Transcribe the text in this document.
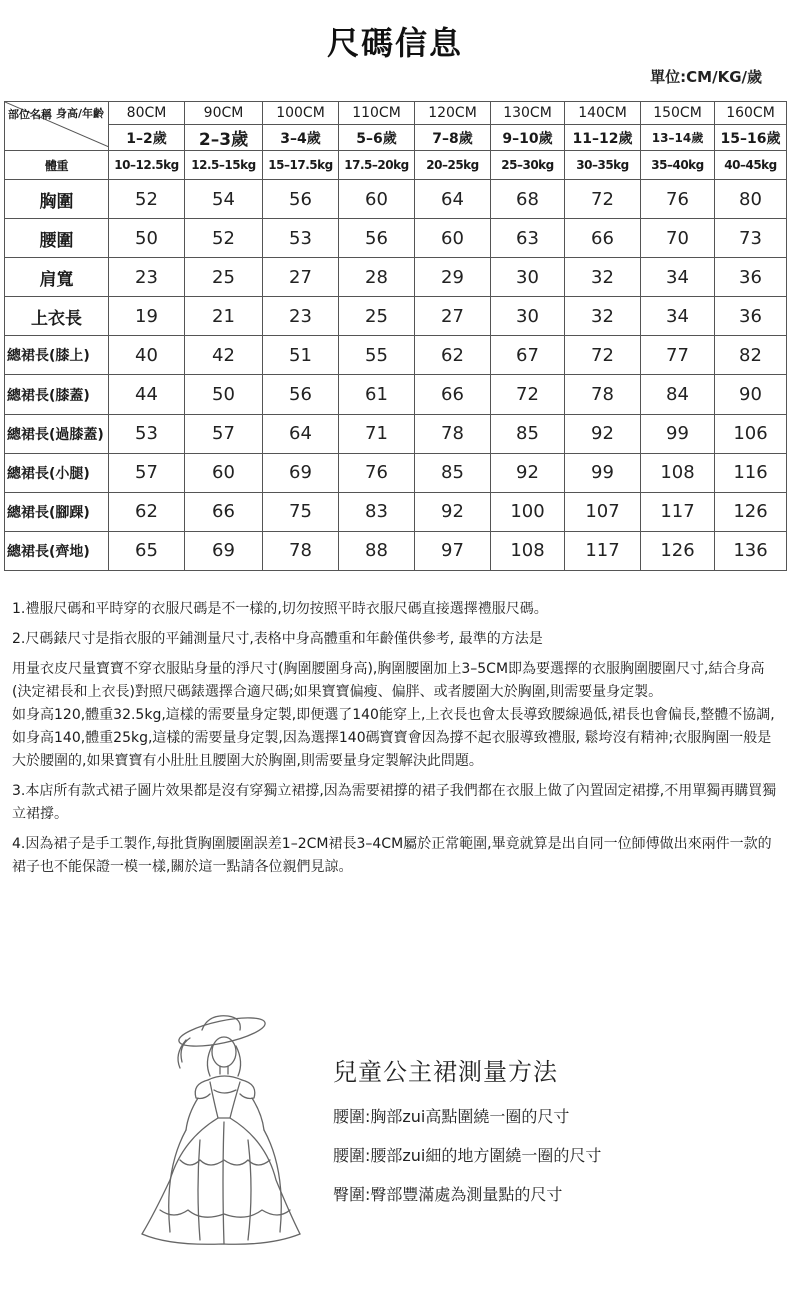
尺碼信息
單位:CM/KG/歲
身高/年齡
部位名稱	80CM	90CM	100CM	110CM	120CM	130CM	140CM	150CM	160CM
	1–2歲	2–3歲	3–4歲	5–6歲	7–8歲	9–10歲	11–12歲	13–14歲	15–16歲
體重	10–12.5kg	12.5–15kg	15–17.5kg	17.5–20kg	20–25kg	25–30kg	30–35kg	35–40kg	40–45kg
胸圍	52	54	56	60	64	68	72	76	80
腰圍	50	52	53	56	60	63	66	70	73
肩寬	23	25	27	28	29	30	32	34	36
上衣長	19	21	23	25	27	30	32	34	36
總裙長(膝上)	40	42	51	55	62	67	72	77	82
總裙長(膝蓋)	44	50	56	61	66	72	78	84	90
總裙長(過膝蓋)	53	57	64	71	78	85	92	99	106
總裙長(小腿)	57	60	69	76	85	92	99	108	116
總裙長(腳踝)	62	66	75	83	92	100	107	117	126
總裙長(齊地)	65	69	78	88	97	108	117	126	136

1.禮服尺碼和平時穿的衣服尺碼是不一樣的,切勿按照平時衣服尺碼直接選擇禮服尺碼。

2.尺碼錶尺寸是指衣服的平鋪測量尺寸,表格中身高體重和年齡僅供參考, 最準的方法是

用量衣皮尺量寶寶不穿衣服貼身量的淨尺寸(胸圍腰圍身高),胸圍腰圍加上3–5CM即為要選擇的衣服胸圍腰圍尺寸,結合身高(決定裙長和上衣長)對照尺碼錶選擇合適尺碼;如果寶寶偏瘦、偏胖、或者腰圍大於胸圍,則需要量身定製。

如身高120,體重32.5kg,這樣的需要量身定製,即便選了140能穿上,上衣長也會太長導致腰線過低,裙長也會偏長,整體不協調,如身高140,體重25kg,這樣的需要量身定製,因為選擇140碼寶寶會因為撐不起衣服導致禮服, 鬆垮沒有精神;衣服胸圍一般是大於腰圍的,如果寶寶有小肚肚且腰圍大於胸圍,則需要量身定製解決此問題。

3.本店所有款式裙子圖片效果都是沒有穿獨立裙撐,因為需要裙撐的裙子我們都在衣服上做了內置固定裙撐,不用單獨再購買獨立裙撐。

4.因為裙子是手工製作,每批貨胸圍腰圍誤差1–2CM裙長3–4CM屬於正常範圍,畢竟就算是出自同一位師傅做出來兩件一款的裙子也不能保證一模一樣,關於這一點請各位親們見諒。

兒童公主裙測量方法
腰圍:胸部zui高點圍繞一圈的尺寸
腰圍:腰部zui細的地方圍繞一圈的尺寸
臀圍:臀部豐滿處為測量點的尺寸
